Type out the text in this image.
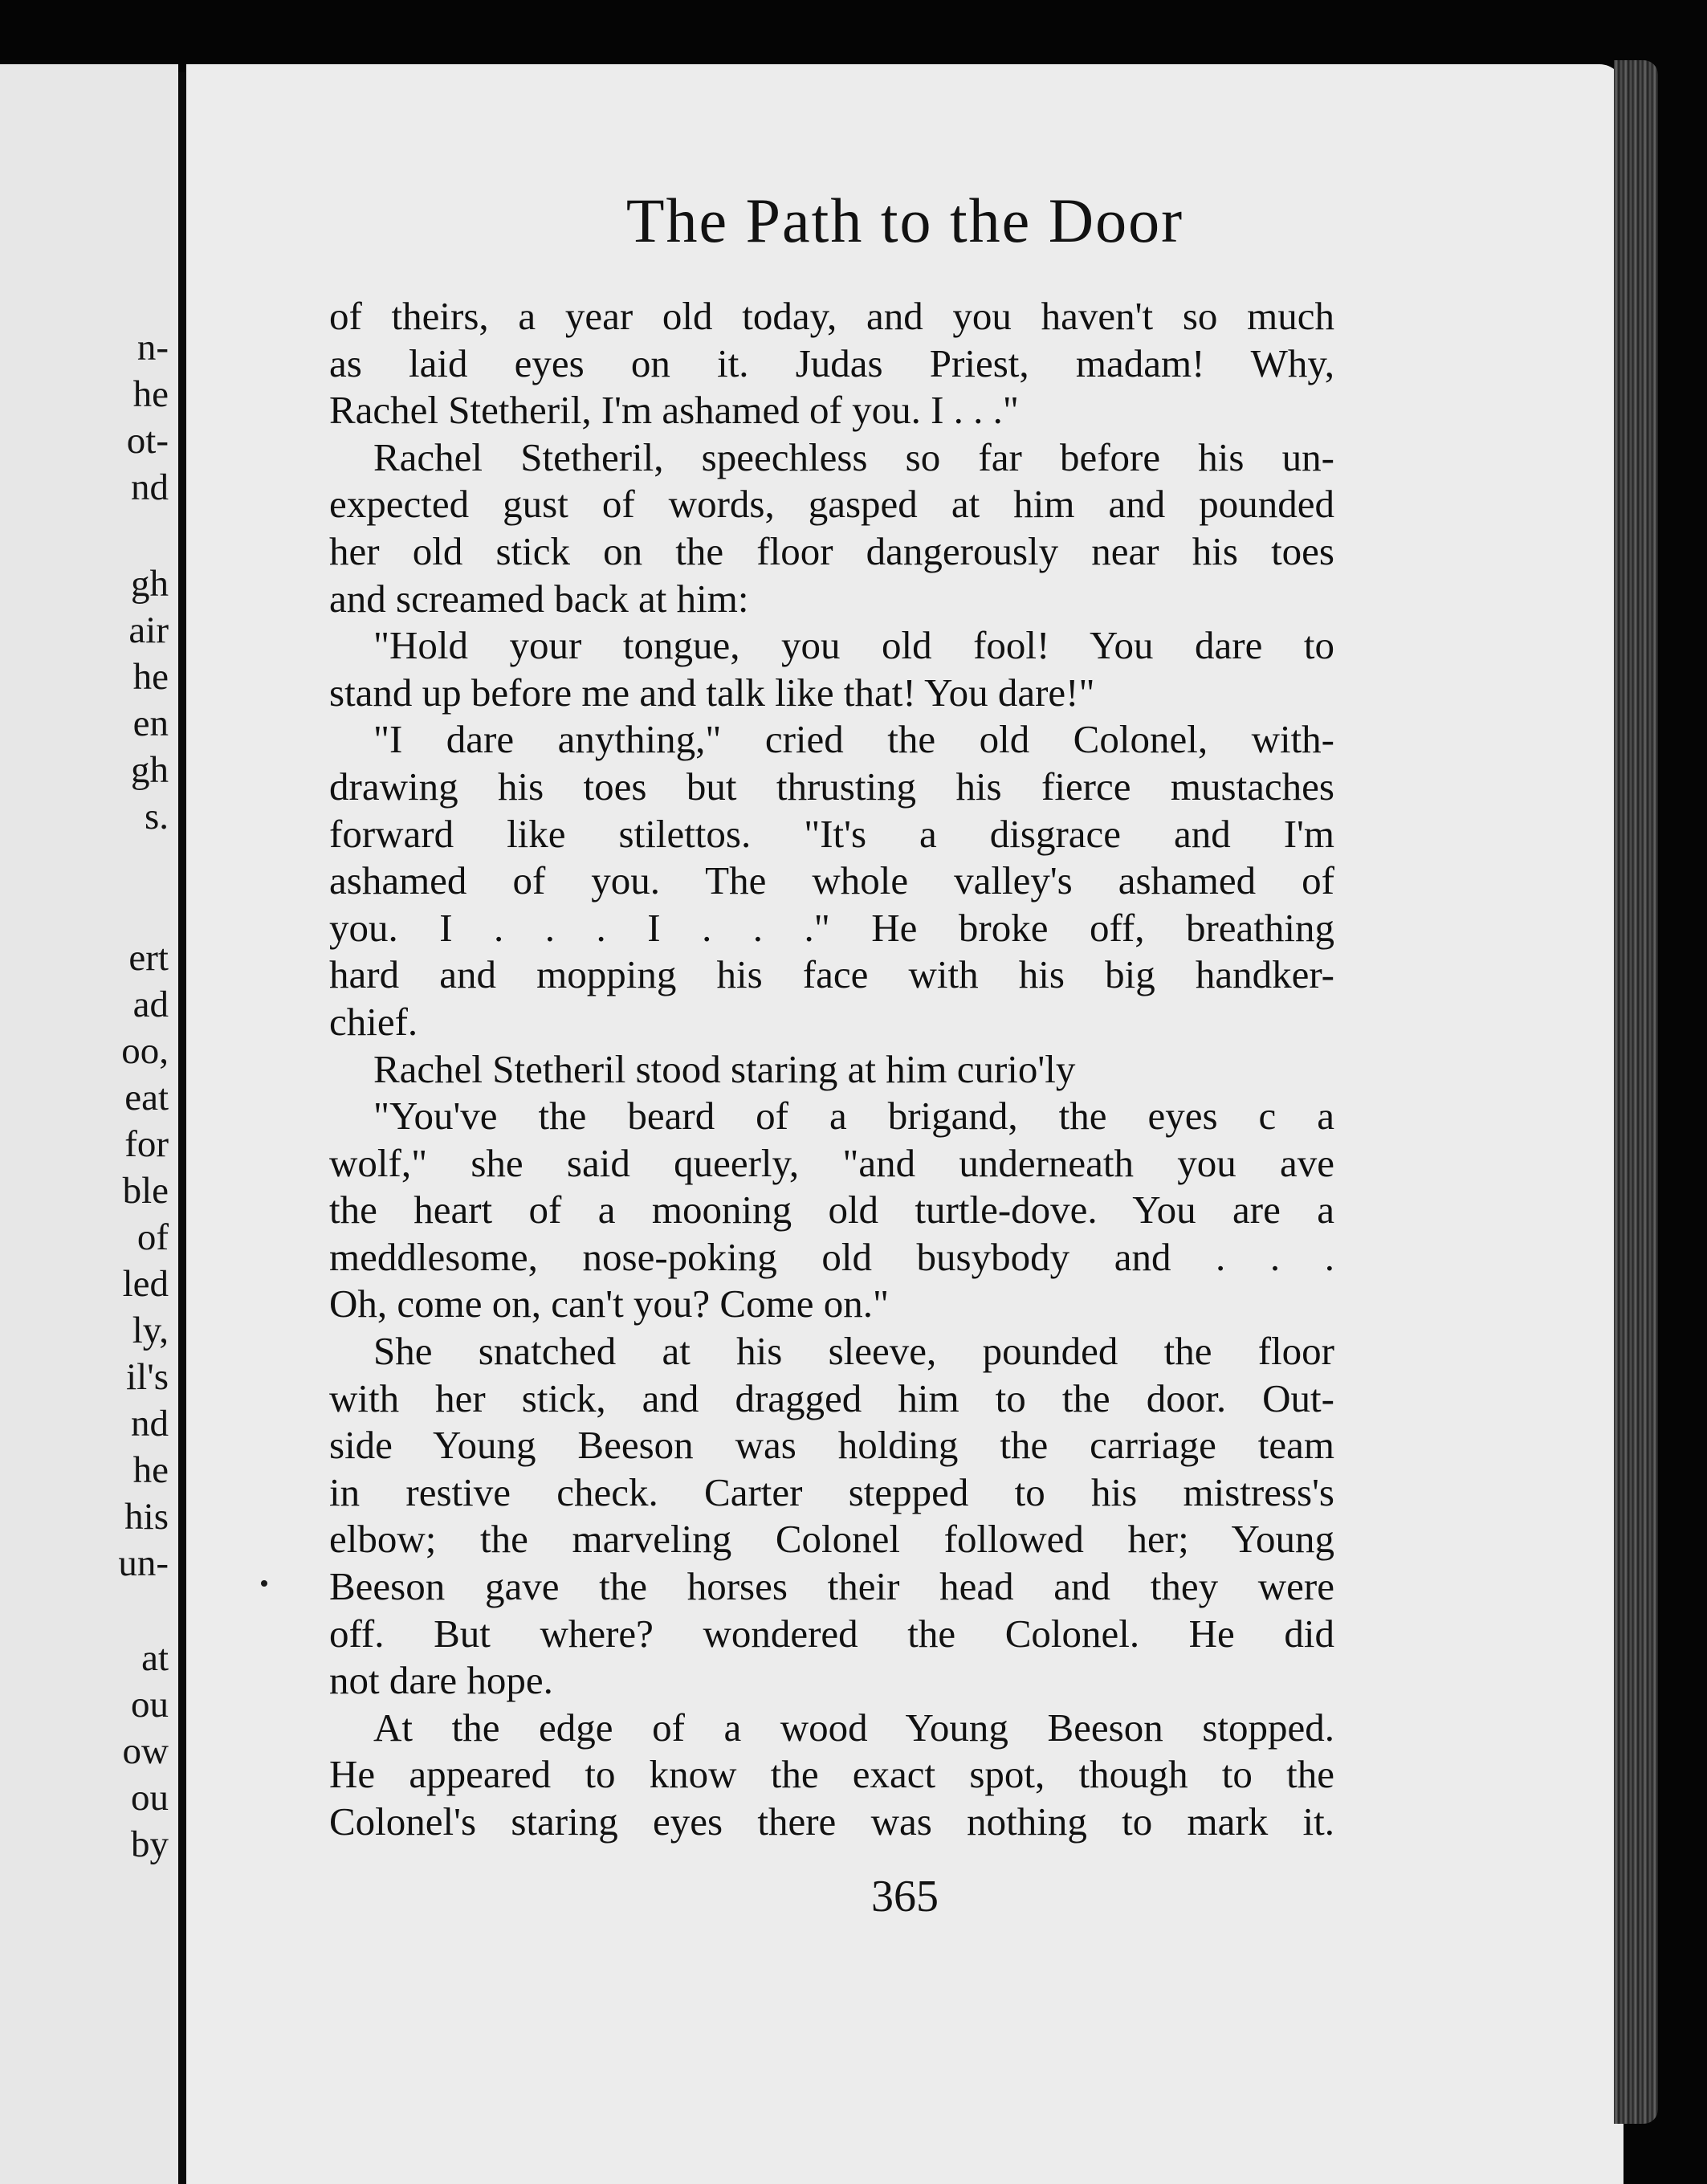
n-
he
ot-
nd
gh
air
he
en
gh
s.
ert
ad
oo,
eat
for
ble
of
led
ly,
il's
nd
he
his
un-
at
ou
ow
ou
by
The Path to the Door
of theirs, a year old today, and you haven't so much
as laid eyes on it. Judas Priest, madam! Why,
Rachel Stetheril, I'm ashamed of you. I . . ."
Rachel Stetheril, speechless so far before his un-
expected gust of words, gasped at him and pounded
her old stick on the floor dangerously near his toes
and screamed back at him:
"Hold your tongue, you old fool! You dare to
stand up before me and talk like that! You dare!"
"I dare anything," cried the old Colonel, with-
drawing his toes but thrusting his fierce mustaches
forward like stilettos. "It's a disgrace and I'm
ashamed of you. The whole valley's ashamed of
you. I . . . I . . ." He broke off, breathing
hard and mopping his face with his big handker-
chief.
Rachel Stetheril stood staring at him curio'ly
"You've the beard of a brigand, the eyes c a
wolf," she said queerly, "and underneath you ave
the heart of a mooning old turtle-dove. You are a
meddlesome, nose-poking old busybody and . . .
Oh, come on, can't you? Come on."
She snatched at his sleeve, pounded the floor
with her stick, and dragged him to the door. Out-
side Young Beeson was holding the carriage team
in restive check. Carter stepped to his mistress's
elbow; the marveling Colonel followed her; Young
Beeson gave the horses their head and they were
off. But where? wondered the Colonel. He did
not dare hope.
At the edge of a wood Young Beeson stopped.
He appeared to know the exact spot, though to the
Colonel's staring eyes there was nothing to mark it.
365
